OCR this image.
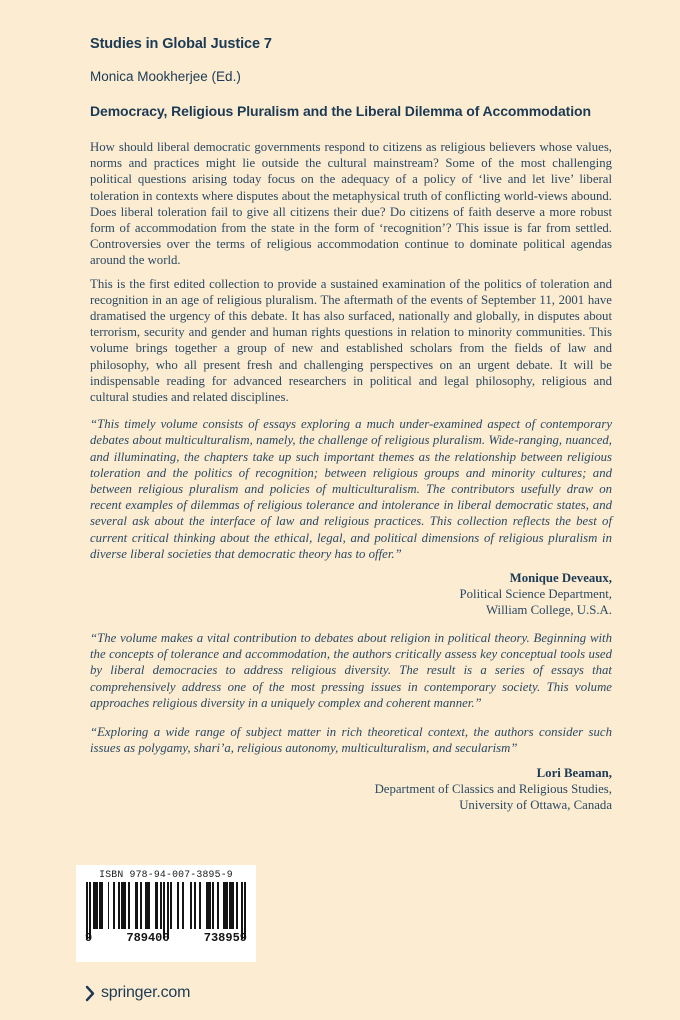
Studies in Global Justice 7
Monica Mookherjee (Ed.)
Democracy, Religious Pluralism and the Liberal Dilemma of Accommodation

How should liberal democratic governments respond to citizens as religious believers whose values, norms and practices might lie outside the cultural mainstream? Some of the most challenging political questions arising today focus on the adequacy of a policy of ‘live and let live’ liberal toleration in contexts where disputes about the metaphysical truth of conflicting world-views abound. Does liberal toleration fail to give all citizens their due? Do citizens of faith deserve a more robust form of accommodation from the state in the form of ‘recognition’? This issue is far from settled. Controversies over the terms of religious accommodation continue to dominate political agendas around the world.

This is the first edited collection to provide a sustained examination of the politics of toleration and recognition in an age of religious pluralism. The aftermath of the events of September 11, 2001 have dramatised the urgency of this debate. It has also surfaced, nationally and globally, in disputes about terrorism, security and gender and human rights questions in relation to minority communities. This volume brings together a group of new and established scholars from the fields of law and philosophy, who all present fresh and challenging perspectives on an urgent debate. It will be indispensable reading for advanced researchers in political and legal philosophy, religious and cultural studies and related disciplines.

“This timely volume consists of essays exploring a much under-examined aspect of contemporary debates about multiculturalism, namely, the challenge of religious pluralism. Wide-ranging, nuanced, and illuminating, the chapters take up such important themes as the relationship between religious toleration and the politics of recognition; between religious groups and minority cultures; and between religious pluralism and policies of multiculturalism. The contributors usefully draw on recent examples of dilemmas of religious tolerance and intolerance in liberal democratic states, and several ask about the interface of law and religious practices. This collection reflects the best of current critical thinking about the ethical, legal, and political dimensions of religious pluralism in diverse liberal societies that democratic theory has to offer.”

Monique Deveaux,
Political Science Department,
William College, U.S.A.

“The volume makes a vital contribution to debates about religion in political theory. Beginning with the concepts of tolerance and accommodation, the authors critically assess key conceptual tools used by liberal democracies to address religious diversity. The result is a series of essays that comprehensively address one of the most pressing issues in contemporary society. This volume approaches religious diversity in a uniquely complex and coherent manner.”

“Exploring a wide range of subject matter in rich theoretical context, the authors consider such issues as polygamy, shari’a, religious autonomy, multiculturalism, and secularism”

Lori Beaman,
Department of Classics and Religious Studies,
University of Ottawa, Canada
ISBN 978-94-007-3895-9
9	789400	738959
springer.com
